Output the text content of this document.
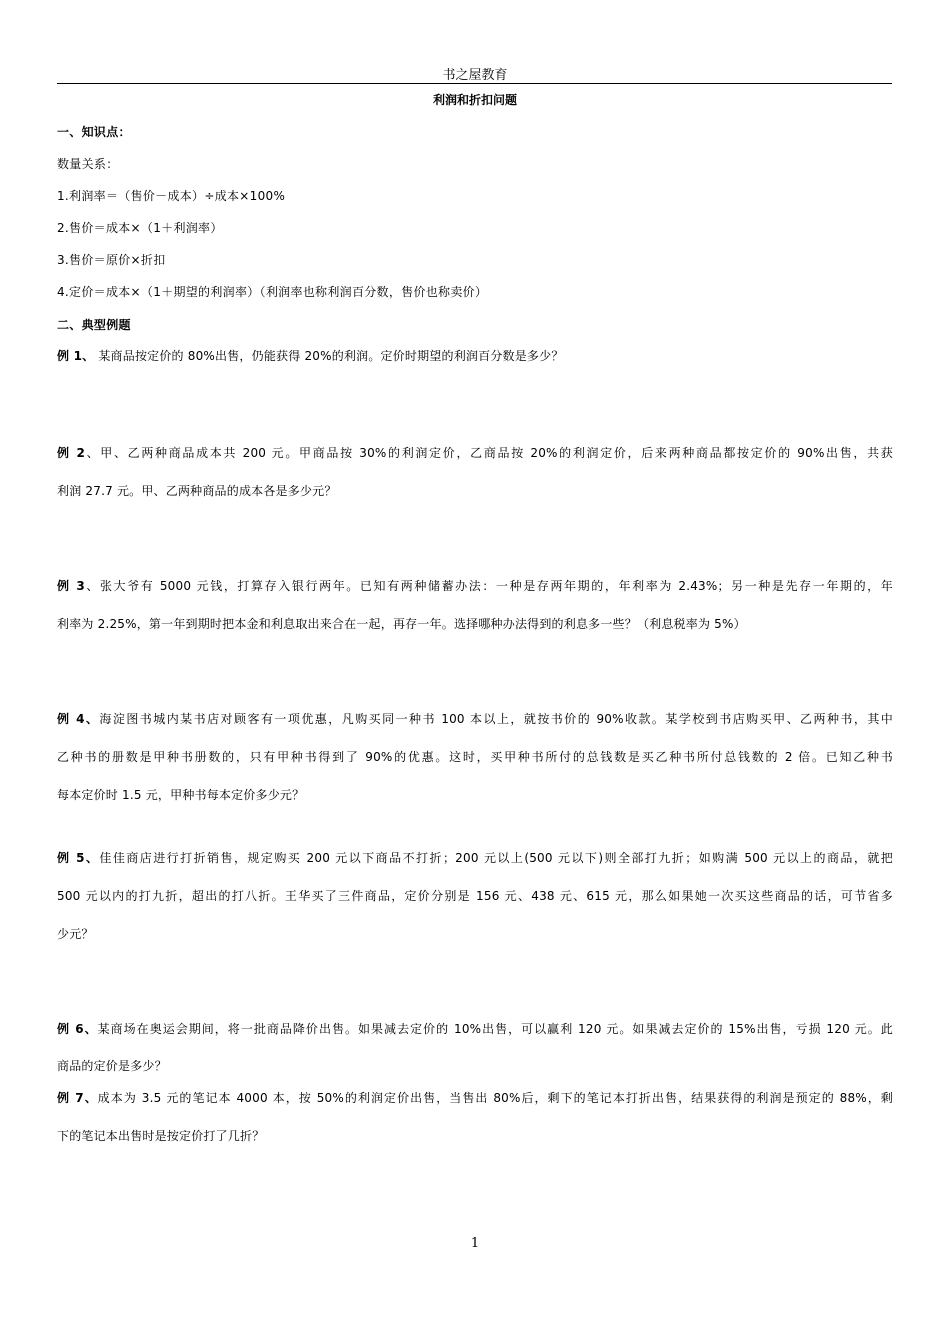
书之屋教育
利润和折扣问题
一、知识点：
数量关系：
1.利润率＝（售价－成本）÷成本×100%
2.售价＝成本×（1＋利润率）
3.售价＝原价×折扣
4.定价＝成本×（1＋期望的利润率）（利润率也称利润百分数，售价也称卖价）
二、典型例题
例 1、 某商品按定价的 80%出售，仍能获得 20%的利润。定价时期望的利润百分数是多少？
例 2、甲、乙两种商品成本共 200 元。甲商品按 30%的利润定价，乙商品按 20%的利润定价，后来两种商品都按定价的 90%出售，共获
利润 27.7 元。甲、乙两种商品的成本各是多少元？
例 3、张大爷有 5000 元钱，打算存入银行两年。已知有两种储蓄办法：一种是存两年期的，年利率为 2.43%；另一种是先存一年期的，年
利率为 2.25%，第一年到期时把本金和利息取出来合在一起，再存一年。选择哪种办法得到的利息多一些？（利息税率为 5%）
例 4、海淀图书城内某书店对顾客有一项优惠，凡购买同一种书 100 本以上，就按书价的 90%收款。某学校到书店购买甲、乙两种书，其中
乙种书的册数是甲种书册数的，只有甲种书得到了 90%的优惠。这时，买甲种书所付的总钱数是买乙种书所付总钱数的 2 倍。已知乙种书
每本定价时 1.5 元，甲种书每本定价多少元？
例 5、佳佳商店进行打折销售，规定购买 200 元以下商品不打折；200 元以上(500 元以下)则全部打九折；如购满 500 元以上的商品，就把
500 元以内的打九折，超出的打八折。王华买了三件商品，定价分别是 156 元、438 元、615 元，那么如果她一次买这些商品的话，可节省多
少元？
例 6、某商场在奥运会期间，将一批商品降价出售。如果减去定价的 10%出售，可以赢利 120 元。如果减去定价的 15%出售，亏损 120 元。此
商品的定价是多少？
例 7、成本为 3.5 元的笔记本 4000 本，按 50%的利润定价出售，当售出 80%后，剩下的笔记本打折出售，结果获得的利润是预定的 88%，剩
下的笔记本出售时是按定价打了几折？
1
